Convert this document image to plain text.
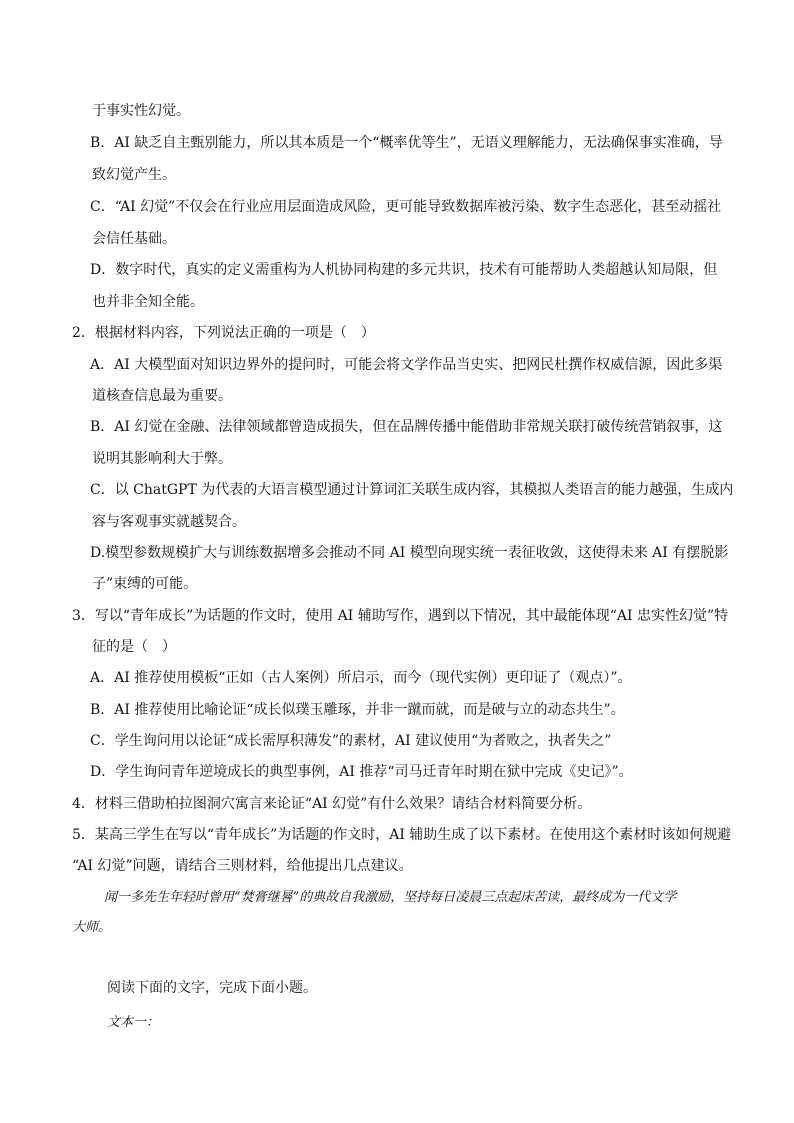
于事实性幻觉。
B．AI 缺乏自主甄别能力，所以其本质是一个“概率优等生”，无语义理解能力，无法确保事实准确，导
致幻觉产生。
C．“AI 幻觉”不仅会在行业应用层面造成风险，更可能导致数据库被污染、数字生态恶化，甚至动摇社
会信任基础。
D．数字时代，真实的定义需重构为人机协同构建的多元共识，技术有可能帮助人类超越认知局限，但
也并非全知全能。
2．根据材料内容，下列说法正确的一项是（　）
A．AI 大模型面对知识边界外的提问时，可能会将文学作品当史实、把网民杜撰作权威信源，因此多渠
道核查信息最为重要。
B．AI 幻觉在金融、法律领域都曾造成损失，但在品牌传播中能借助非常规关联打破传统营销叙事，这
说明其影响利大于弊。
C．以 ChatGPT 为代表的大语言模型通过计算词汇关联生成内容，其模拟人类语言的能力越强，生成内
容与客观事实就越契合。
D.模型参数规模扩大与训练数据增多会推动不同 AI 模型向现实统一表征收敛，这使得未来 AI 有摆脱影
子”束缚的可能。
3．写以“青年成长”为话题的作文时，使用 AI 辅助写作，遇到以下情况，其中最能体现“AI 忠实性幻觉”特
征的是（　）
A．AI 推荐使用模板“正如（古人案例）所启示，而今（现代实例）更印证了（观点）”。
B．AI 推荐使用比喻论证“成长似璞玉雕琢，并非一蹴而就，而是破与立的动态共生”。
C．学生询问用以论证“成长需厚积薄发”的素材，AI 建议使用“为者败之，执者失之”
D．学生询问青年逆境成长的典型事例，AI 推荐“司马迁青年时期在狱中完成《史记》”。
4．材料三借助柏拉图洞穴寓言来论证“AI 幻觉”有什么效果？请结合材料简要分析。
5．某高三学生在写以“青年成长”为话题的作文时，AI 辅助生成了以下素材。在使用这个素材时该如何规避
“AI 幻觉”问题，请结合三则材料，给他提出几点建议。
闻一多先生年轻时曾用“焚膏继晷”的典故自我激励，坚持每日凌晨三点起床苦读，最终成为一代文学
大师。
阅读下面的文字，完成下面小题。
文本一：
